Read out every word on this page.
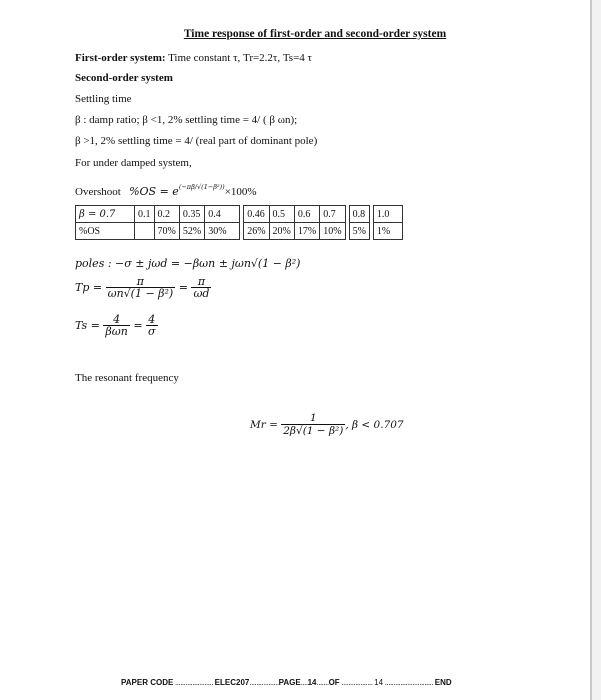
Time response of first-order and second-order system
First-order system: Time constant τ, Tr=2.2τ, Ts=4 τ
Second-order system
Settling time
β : damp ratio; β <1, 2% settling time = 4/ ( β ωn);
β >1, 2% settling time = 4/ (real part of dominant pole)
For under damped system,
Overshoot $\%OS = e^{(-\pi\beta/√(1-\beta^2))}\times 100\%$
β = 0.7	0.1	0.2	0.35	0.4		0.46	0.5	0.6	0.7		0.8		1.0
%OS		70%	52%	30%		26%	20%	17%	10%		5%		1%
poles : −σ ± jωd = −βωn ± jωn√(1 − β²)
$Tp = \frac{\pi}{\text{ωn√(1 − β²)}} = \frac{\pi}{\omega d}$
$Ts = \frac{4}{\text{βωn}} = \frac{4}{\sigma}$
The resonant frequency
$Mr = \frac{1}{\text{2β√(1 − β²)}}$ , β < 0.707
PAPER CODE ...................... ELEC207.................PAGE....14.......OF .................. 14 ............................ END
